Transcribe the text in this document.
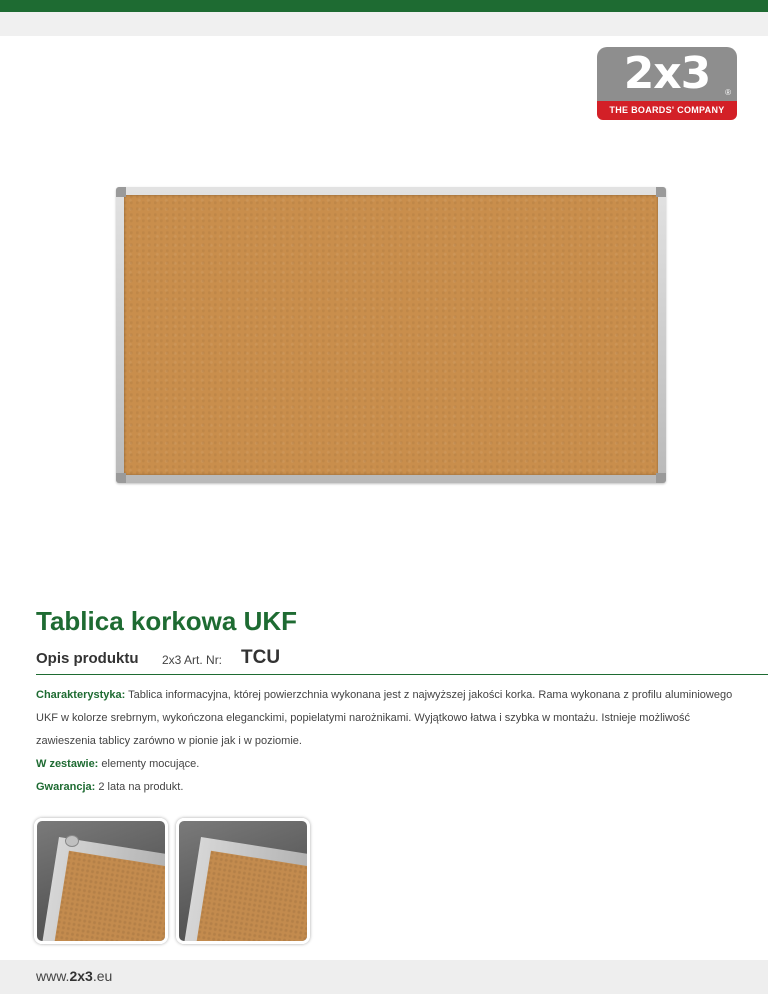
2x3 ®
THE BOARDS' COMPANY
Tablica korkowa UKF
Opis produktu 2x3 Art. Nr: TCU

Charakterystyka: Tablica informacyjna, której powierzchnia wykonana jest z najwyższej jakości korka. Rama wykonana z profilu aluminiowego UKF w kolorze srebrnym, wykończona eleganckimi, popielatymi narożnikami. Wyjątkowo łatwa i szybka w montażu. Istnieje możliwość zawieszenia tablicy zarówno w pionie jak i w poziomie.

W zestawie: elementy mocujące.

Gwarancja: 2 lata na produkt.

www.2x3.eu
